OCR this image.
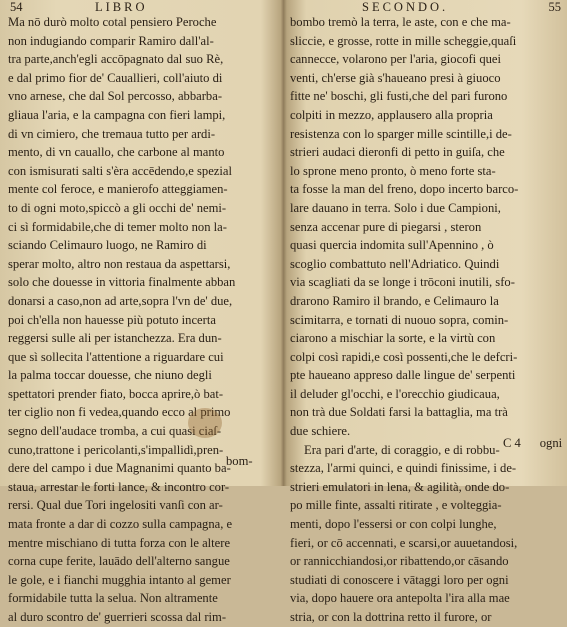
54	LIBRO
Ma nō durò molto cotal pensiero Peroche
non indugiando comparir Ramiro dall'al-
tra parte,anch'egli accōpagnato dal suo Rè,
e dal primo fior de' Caualliеri, coll'aiuto di
vno arnese, che dal Sol percosso, abbarba-
gliaua l'aria, e la campagna con fieri lampi,
di vn cimiero, che tremaua tutto per ardi-
mento, di vn cauallo, che carbone al manto
con ismisurati salti s'èra accēdendo,e spezial
mente col feroce, e manierofo atteggiamen-
to di ogni moto,spiccò a gli occhi de' nemi-
ci sì formidabile,che di temer molto non la-
sciando Celimauro luogo, ne Ramiro di
sperar molto, altro non restaua da aspettarsi,
solo che douesse in vittoria finalmente abban
donarsi a caso,non ad arte,sopra l'vn de' due,
poi ch'ella non hauesse più potuto incerta
reggersi sulle ali per istanchezza. Era dun-
que sì sollecita l'attentione a riguardare cui
la palma toccar douesse, che niuno degli
spettatori prender fiato, bocca aprire,ò bat-
ter ciglio non fi vedea,quando ecco al primo
segno dell'audace tromba, a cui quasi ciaſ-
cuno,trattone i pericolanti,s'impallidì,pren-
dere del campo i due Magnanimi quanto ba-
staua, arrestar le forti lance, & incontro cor-
rersi. Qual due Tori ingelositi vanſi con ar-
mata fronte a dar di cozzo sulla campagna, e
mentre mischiano di tutta forza con le altere
corna cupe ferite, lauādo dell'alterno sangue
le gole, e i fianchi mugghia intanto al gemer
formidabile tutta la selua. Non altramente
al duro scontro de' guerrieri scossa dal rim-
bom-
SECONDO.	55
bombo tremò la terra, le aste, con e che ma-
sliccie, e grosse, rotte in mille scheggie,quaſi
cannecce, volarono per l'aria, giocofi quei
venti, ch'erse già s'haueano presi à giuoco
fitte ne' boschi, gli fusti,che del pari furono
colpiti in mezzo, applausero alla propria
resistenza con lo sparger mille scintille,i de-
strieri audaci dieronfi di petto in guiſa, che
lo sprone meno pronto, ò meno forte sta-
ta fosse la man del freno, dopo incerto barco-
lare dauano in terra. Solo i due Campioni,
senza accenar pure di piegarsi , steron
quasi quercia indomita sull'Apennino , ò
scoglio combattuto nell'Adriatico. Quindi
via scagliati da se longe i trōconi inutili, sfo-
drarono Ramiro il brando, e Celimauro la
scimitarra, e tornati di nuouo sopra, comin-
ciarono a mischiar la sorte, e la virtù con
colpi così rapidi,e così possenti,che le defcri-
pte haueano appreso dalle lingue de' serpenti
il deluder gl'occhi, e l'orecchio giudicaua,
non trà due Soldati farsi la battaglia, ma trà
due schiere.
Era pari d'arte, di coraggio, e di robbu-
stezza, l'armi quinci, e quindi finissime, i de-
strieri emulatori in lena, & agilità, onde do-
po mille finte, assalti ritirate , e volteggia-
menti, dopo l'essersi or con colpi lunghe,
fieri, or cō accennati, e scarsi,or auuetandosi,
or rannicchiandosi,or ribattendo,or cāsando
studiati di conoscere i vātaggi loro per ogni
via, dopo hauere ora antepolta l'ira alla mae
stria, or con la dottrina retto il furore, or
C 4 ogni
